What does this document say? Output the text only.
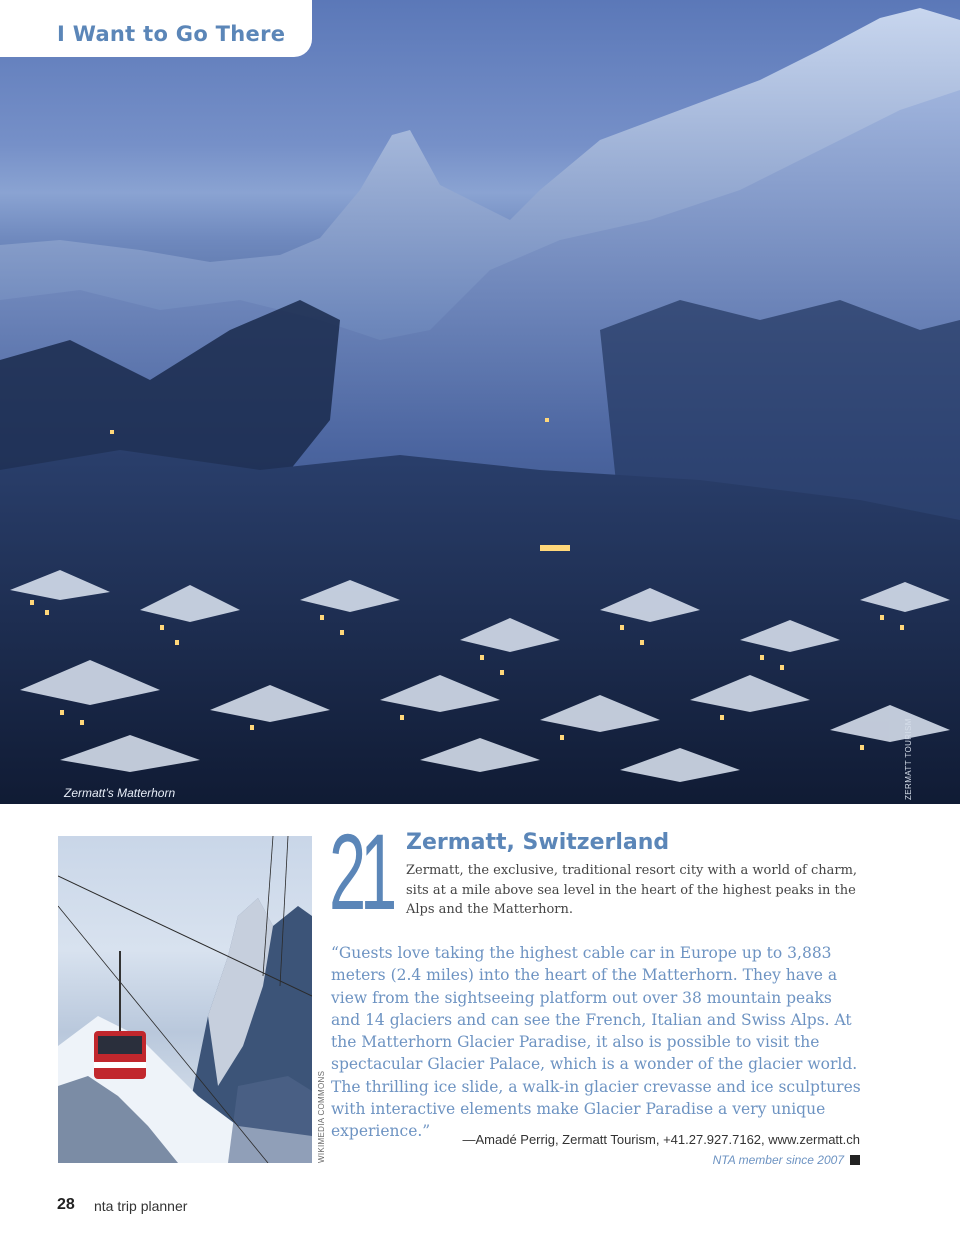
I Want to Go There
Zermatt’s Matterhorn	ZERMATT TOURISM
WIKIMEDIA COMMONS
21 Zermatt, Switzerland
Zermatt, the exclusive, traditional resort city with a world of charm, sits at a mile above sea level in the heart of the highest peaks in the Alps and the Matterhorn.
“Guests love taking the highest cable car in Europe up to 3,883 meters (2.4 miles) into the heart of the Matterhorn. They have a view from the sightseeing platform out over 38 mountain peaks and 14 glaciers and can see the French, Italian and Swiss Alps. At the Matterhorn Glacier Paradise, it also is possible to visit the spectacular Glacier Palace, which is a wonder of the glacier world. The thrilling ice slide, a walk-in glacier crevasse and ice sculptures with interactive elements make Glacier Paradise a very unique experience.”	—Amadé Perrig, Zermatt Tourism, +41.27.927.7162, www.zermatt.ch
NTA member since 2007
28 nta trip planner
